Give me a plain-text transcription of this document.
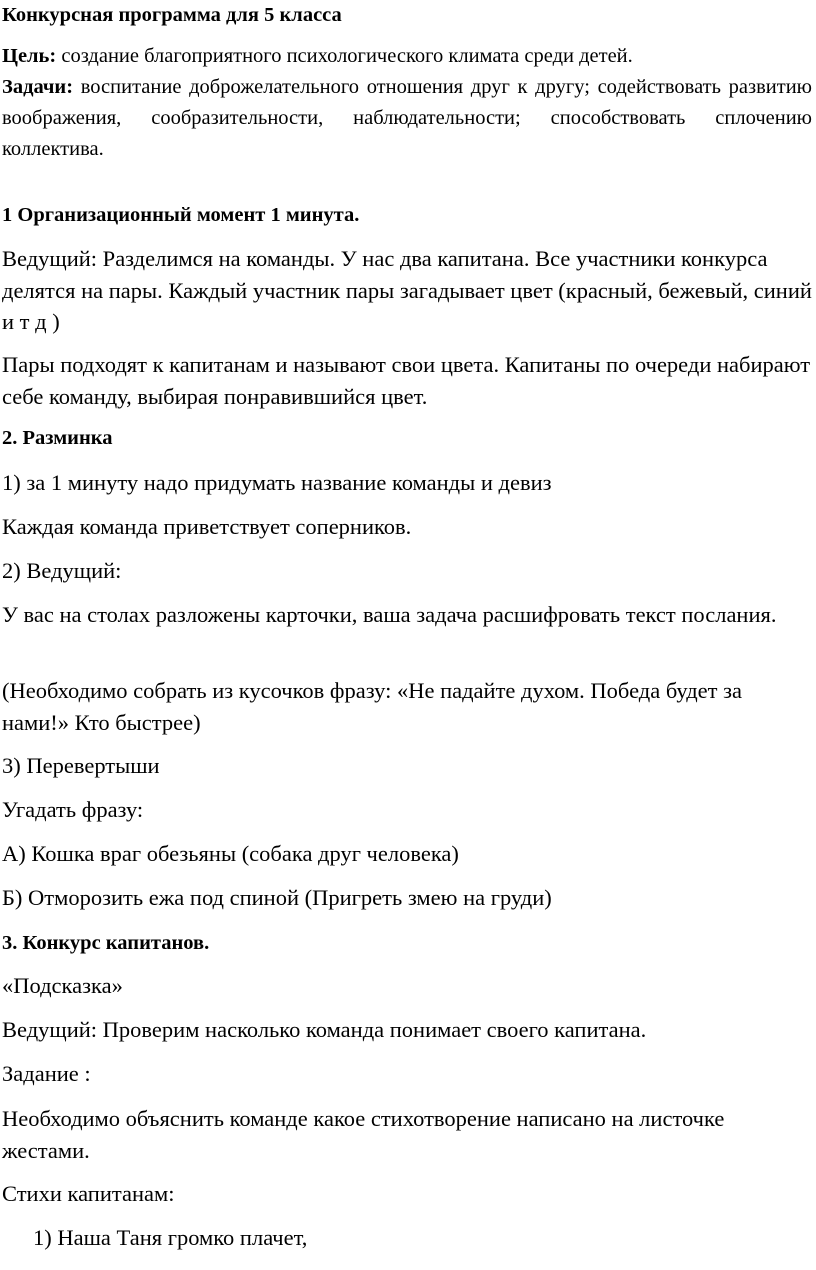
Конкурсная программа для 5 класса

Цель: создание благоприятного психологического климата среди детей.

Задачи: воспитание доброжелательного отношения друг к другу; содействовать развитию воображения, сообразительности, наблюдательности; способствовать сплочению коллектива.

1 Организационный момент 1 минута.

Ведущий: Разделимся на команды. У нас два капитана. Все участники конкурса делятся на пары. Каждый участник пары загадывает цвет (красный, бежевый, синий и т д )

Пары подходят к капитанам и называют свои цвета. Капитаны по очереди набирают себе команду, выбирая понравившийся цвет.

2. Разминка

1) за 1 минуту надо придумать название команды и девиз

Каждая команда приветствует соперников.

2) Ведущий:

У вас на столах разложены карточки, ваша задача расшифровать текст послания.

(Необходимо собрать из кусочков фразу: «Не падайте духом. Победа будет за нами!» Кто быстрее)

3) Перевертыши

Угадать фразу:

А) Кошка враг обезьяны (собака друг человека)

Б) Отморозить ежа под спиной (Пригреть змею на груди)

3. Конкурс капитанов.

«Подсказка»

Ведущий: Проверим насколько команда понимает своего капитана.

Задание :

Необходимо объяснить команде какое стихотворение написано на листочке жестами.

Стихи капитанам:

1) Наша Таня громко плачет,
